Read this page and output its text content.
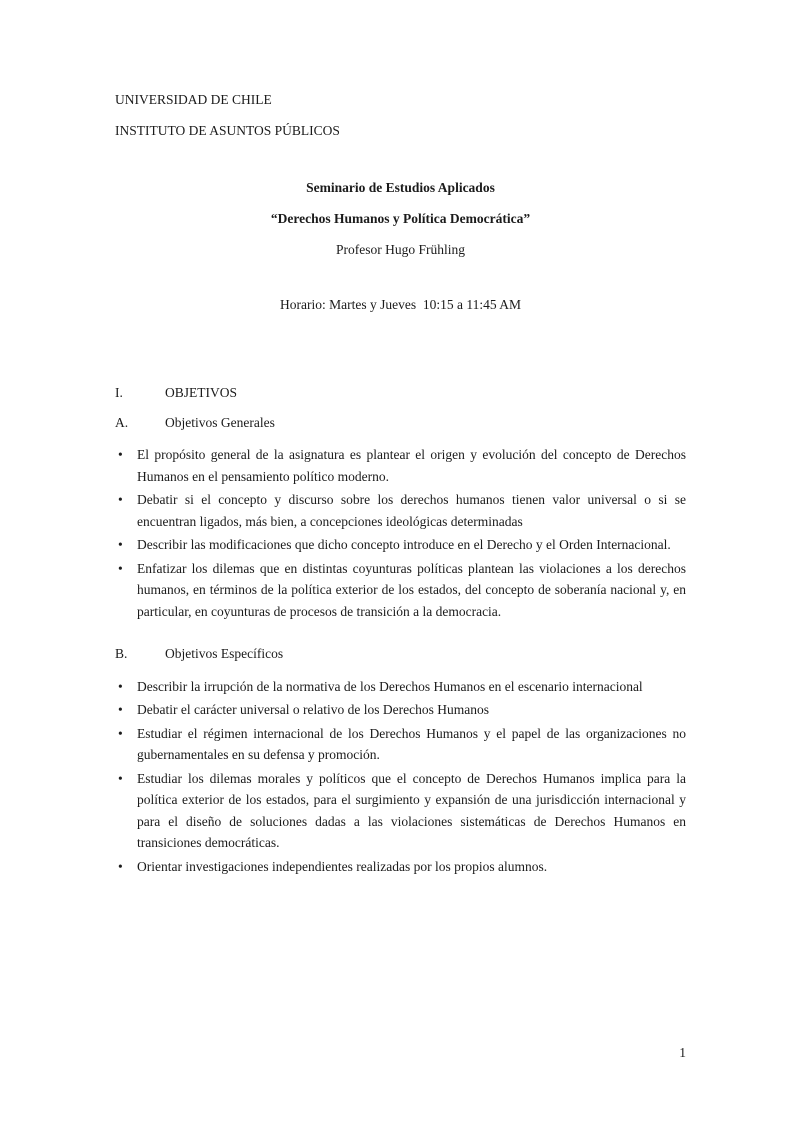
UNIVERSIDAD DE CHILE
INSTITUTO DE ASUNTOS PÚBLICOS
Seminario de Estudios Aplicados
“Derechos Humanos y Política Democrática”
Profesor Hugo Frühling
Horario: Martes y Jueves  10:15 a 11:45 AM
I.	OBJETIVOS
A.	Objetivos Generales
•	El propósito general de la asignatura es plantear el origen y evolución del concepto de Derechos Humanos en el pensamiento político moderno.
•	Debatir si el concepto y discurso sobre los derechos humanos tienen valor universal o si se encuentran ligados, más bien, a concepciones ideológicas determinadas
•	Describir las modificaciones que dicho concepto introduce en el Derecho y el Orden Internacional.
•	Enfatizar los dilemas que en distintas coyunturas políticas plantean las violaciones a los derechos humanos, en términos de la política exterior de los estados, del concepto de soberanía nacional y, en particular, en coyunturas de procesos de transición a la democracia.
B.	Objetivos Específicos
•	Describir la irrupción de la normativa de los Derechos Humanos en el escenario internacional
•	Debatir el carácter universal o relativo de los Derechos Humanos
•	Estudiar el régimen internacional de los Derechos Humanos y el papel de las organizaciones no gubernamentales en su defensa y promoción.
•	Estudiar los dilemas morales y políticos que el concepto de Derechos Humanos implica para la política exterior de los estados, para el surgimiento y expansión de una jurisdicción internacional y para el diseño de soluciones dadas a las violaciones sistemáticas de Derechos Humanos en transiciones democráticas.
•	Orientar investigaciones independientes realizadas por los propios alumnos.
1
